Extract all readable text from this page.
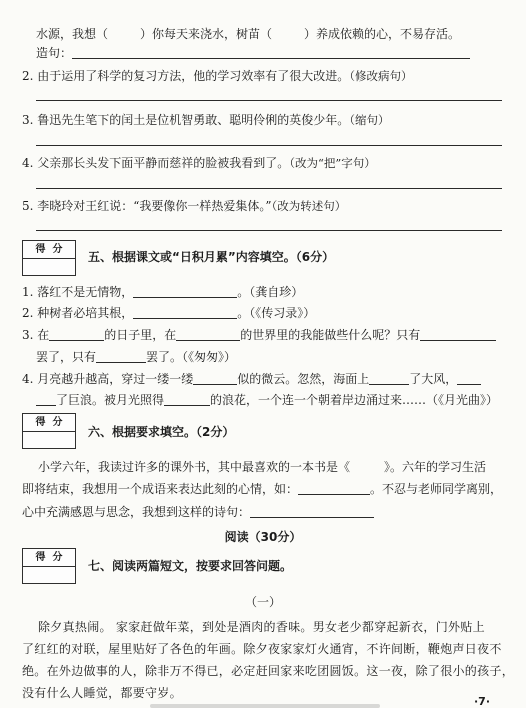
水源，我想（	）你每天来浇水，树苗（	）养成依赖的心，不易存活。
造句：
2. 由于运用了科学的复习方法，他的学习效率有了很大改进。（修改病句）
3. 鲁迅先生笔下的闰土是位机智勇敢、聪明伶俐的英俊少年。（缩句）
4. 父亲那长头发下面平静而慈祥的脸被我看到了。（改为“把”字句）
5. 李晓玲对王红说：“我要像你一样热爱集体。”（改为转述句）
得  分
五、根据课文或“日积月累”内容填空。（6分）
1. 落红不是无情物，	。（龚自珍）
2. 种树者必培其根，	。（《传习录》）
3. 在	的日子里，在	的世界里的我能做些什么呢？只有
罢了，只有	罢了。（《匆匆》）
4. 月亮越升越高，穿过一缕一缕	似的微云。忽然，海面上	了大风，
了巨浪。被月光照得	的浪花，一个连一个朝着岸边涌过来……（《月光曲》）
得  分
六、根据要求填空。（2分）
小学六年，我读过许多的课外书，其中最喜欢的一本书是《	》。六年的学习生活
即将结束，我想用一个成语来表达此刻的心情，如：	。不忍与老师同学离别，
心中充满感恩与思念，我想到这样的诗句：
阅读（30分）
得  分
七、阅读两篇短文，按要求回答问题。
（一）
除夕真热闹。 家家赶做年菜，到处是酒肉的香味。男女老少都穿起新衣，门外贴上
了红红的对联，屋里贴好了各色的年画。除夕夜家家灯火通宵，不许间断，鞭炮声日夜不
绝。在外边做事的人，除非万不得已，必定赶回家来吃团圆饭。这一夜，除了很小的孩子，
没有什么人睡觉，都要守岁。
·7·
